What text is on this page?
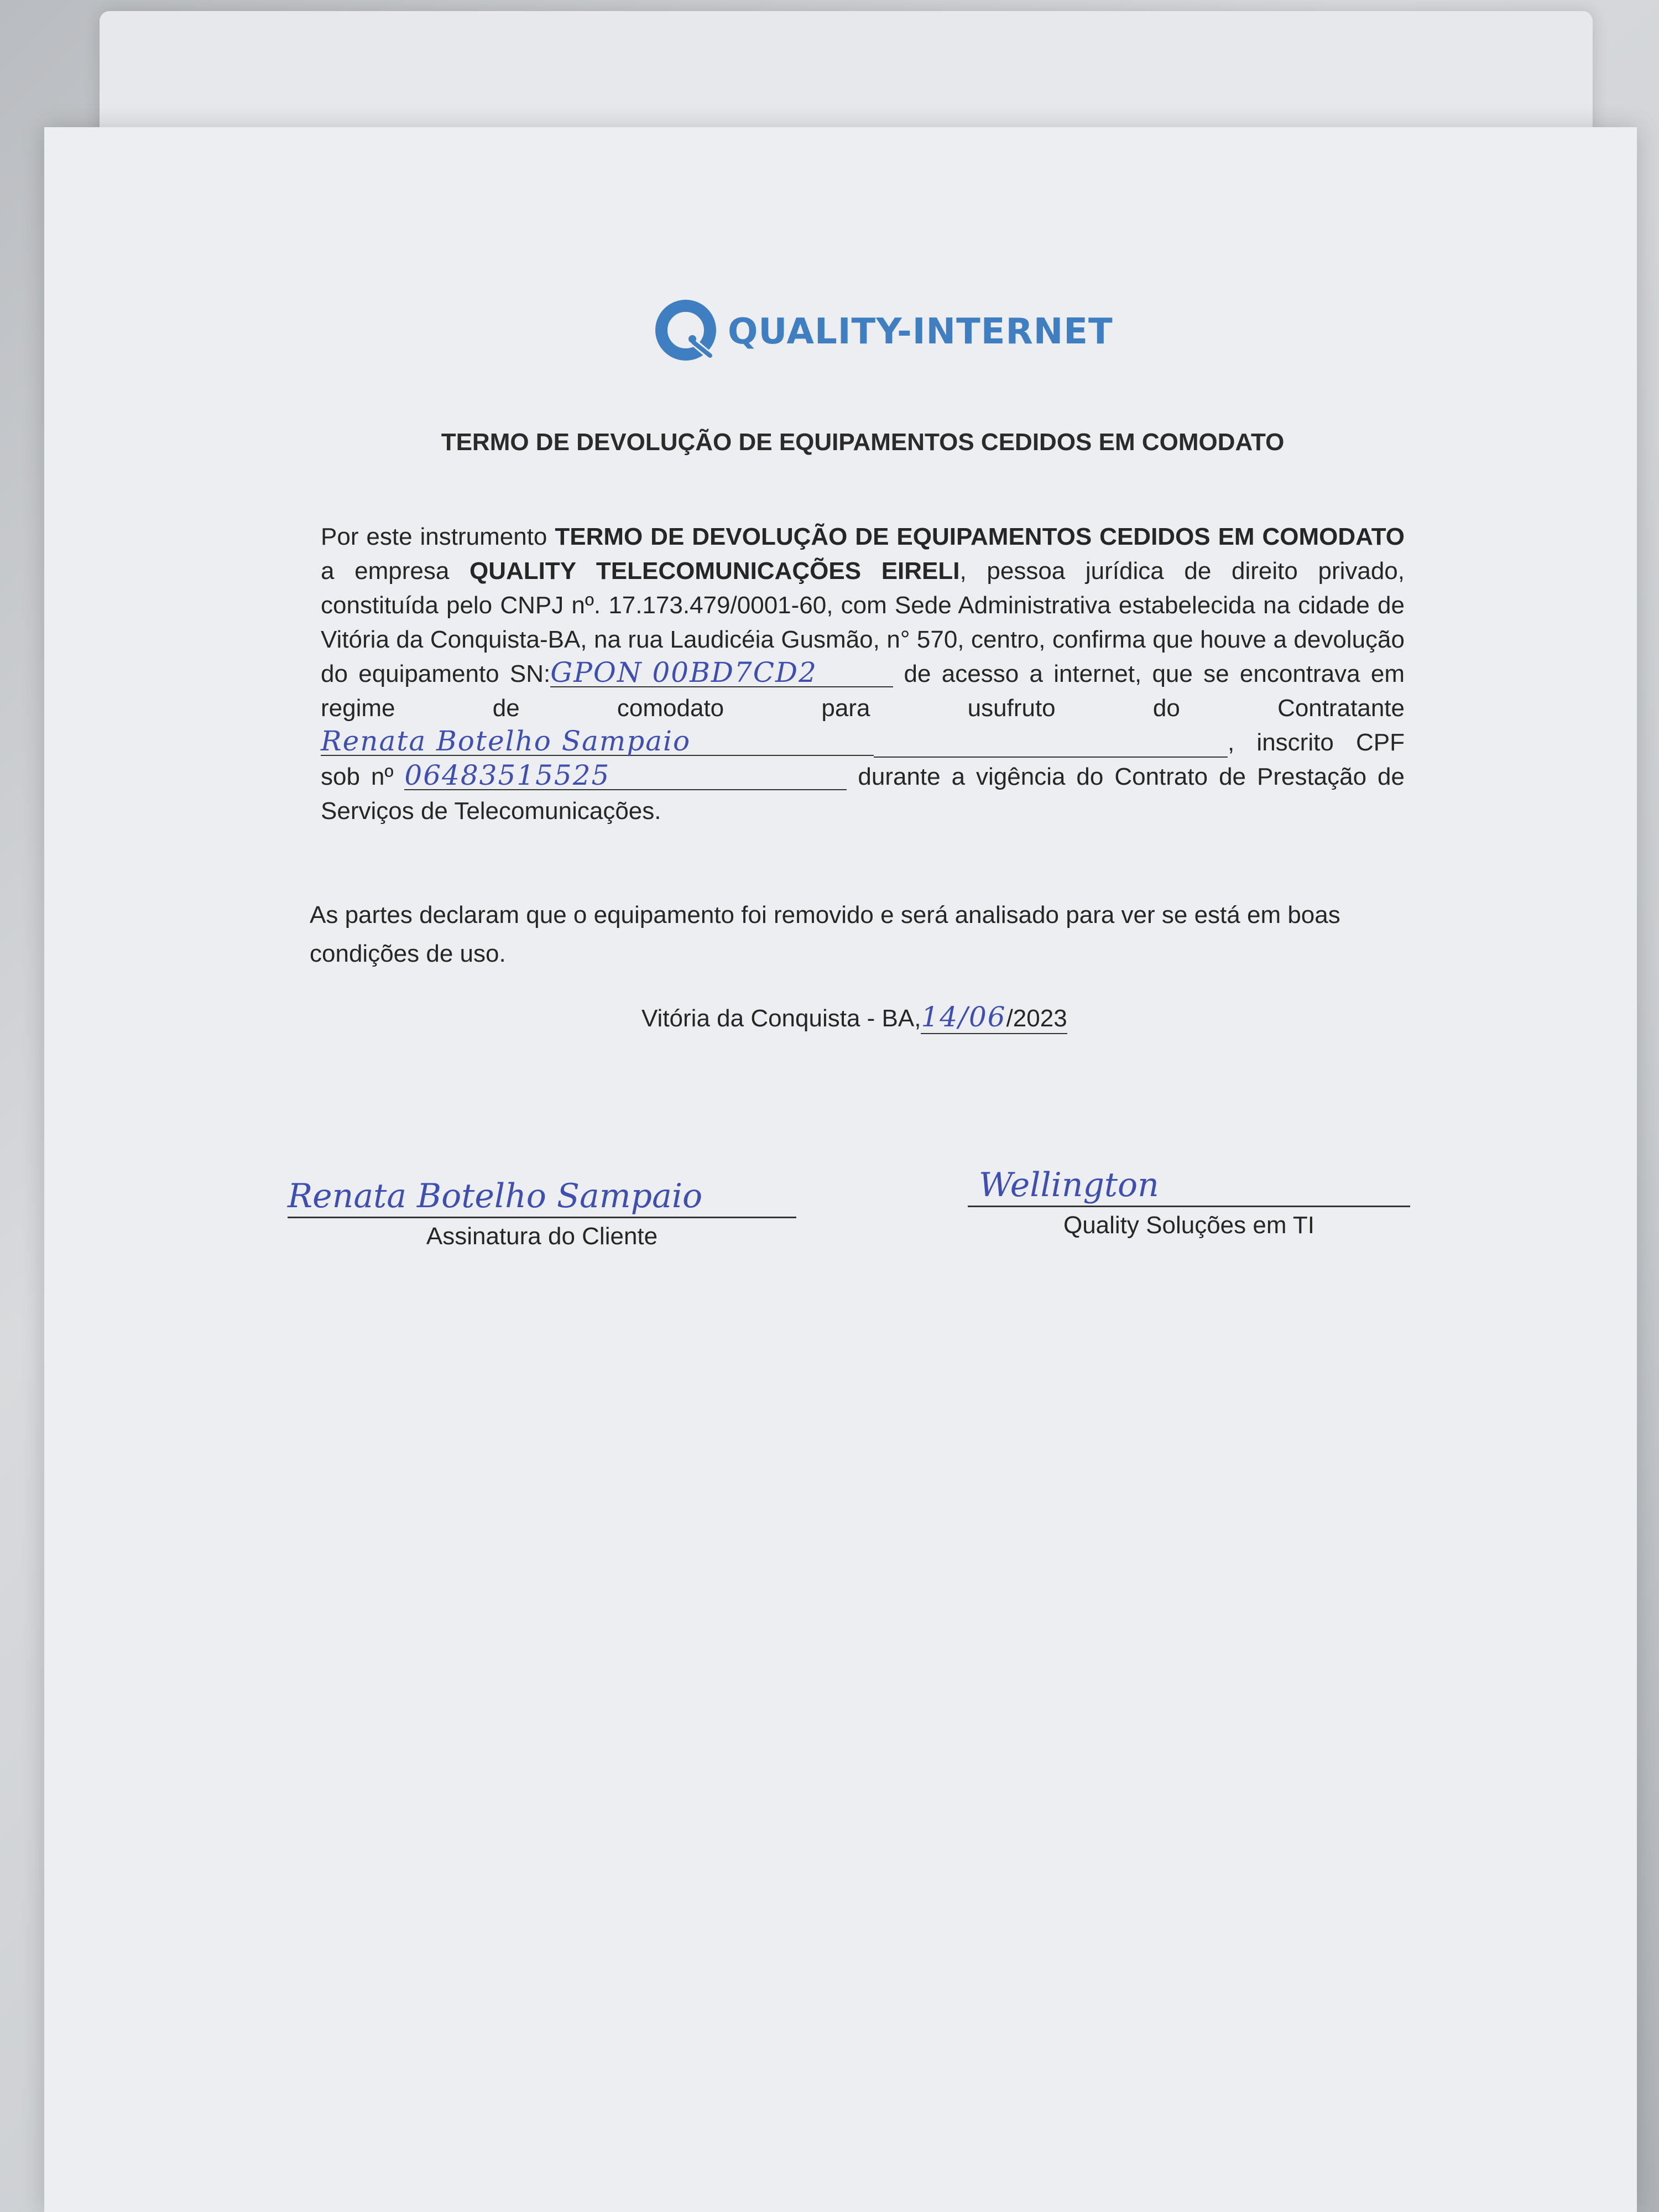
QUALITY-INTERNET
TERMO DE DEVOLUÇÃO DE EQUIPAMENTOS CEDIDOS EM COMODATO
Por este instrumento TERMO DE DEVOLUÇÃO DE EQUIPAMENTOS CEDIDOS EM COMODATO a empresa QUALITY TELECOMUNICAÇÕES EIRELI, pessoa jurídica de direito privado, constituída pelo CNPJ nº. 17.173.479/0001-60, com Sede Administrativa estabelecida na cidade de Vitória da Conquista-BA, na rua Laudicéia Gusmão, n° 570, centro, confirma que houve a devolução do equipamento SN:GPON 00BD7CD2	de acesso a internet, que se encontrava em regime de comodato para usufruto do ContratanteRenata Botelho Sampaio	, inscrito CPF sob nº 06483515525	durante a vigência do Contrato de Prestação de Serviços de Telecomunicações.
As partes declaram que o equipamento foi removido e será analisado para ver se está em boas condições de uso.
Vitória da Conquista - BA,14/06/2023
Renata Botelho Sampaio
Assinatura do Cliente
Wellington
Quality Soluções em TI
